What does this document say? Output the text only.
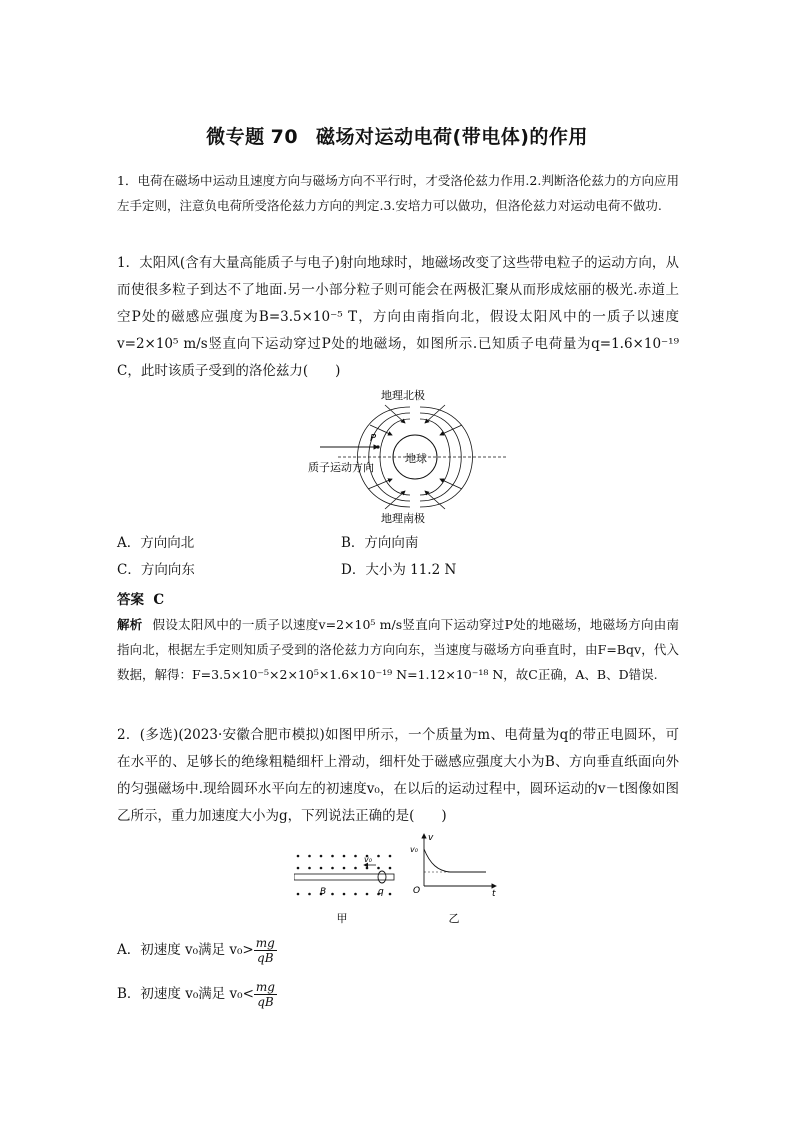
微专题 70 磁场对运动电荷(带电体)的作用
1．电荷在磁场中运动且速度方向与磁场方向不平行时，才受洛伦兹力作用.2.判断洛伦兹力的方向应用左手定则，注意负电荷所受洛伦兹力方向的判定.3.安培力可以做功，但洛伦兹力对运动电荷不做功.
1．太阳风(含有大量高能质子与电子)射向地球时，地磁场改变了这些带电粒子的运动方向，从而使很多粒子到达不了地面.另一小部分粒子则可能会在两极汇聚从而形成炫丽的极光.赤道上空P处的磁感应强度为B=3.5×10⁻⁵ T，方向由南指向北，假设太阳风中的一质子以速度v=2×10⁵ m/s竖直向下运动穿过P处的地磁场，如图所示.已知质子电荷量为q=1.6×10⁻¹⁹ C，此时该质子受到的洛伦兹力(　　)
地理北极
地理南极
地球
P
质子运动方向
A．方向向北	B．方向向南
C．方向向东	D．大小为 11.2 N
答案 C
解析 假设太阳风中的一质子以速度v=2×10⁵ m/s竖直向下运动穿过P处的地磁场，地磁场方向由南指向北，根据左手定则知质子受到的洛伦兹力方向向东，当速度与磁场方向垂直时，由F=Bqv，代入数据，解得：F=3.5×10⁻⁵×2×10⁵×1.6×10⁻¹⁹ N=1.12×10⁻¹⁸ N，故C正确，A、B、D错误.
2．(多选)(2023·安徽合肥市模拟)如图甲所示，一个质量为m、电荷量为q的带正电圆环，可在水平的、足够长的绝缘粗糙细杆上滑动，细杆处于磁感应强度大小为B、方向垂直纸面向外的匀强磁场中.现给圆环水平向左的初速度v₀，在以后的运动过程中，圆环运动的v－t图像如图乙所示，重力加速度大小为g，下列说法正确的是(　　)
v₀
B	q
甲
v
v₀
O	t
乙
A．初速度 v₀满足 $v_0> \frac{mg}{qB}$
B．初速度 v₀满足 $v_0< \frac{mg}{qB}$
